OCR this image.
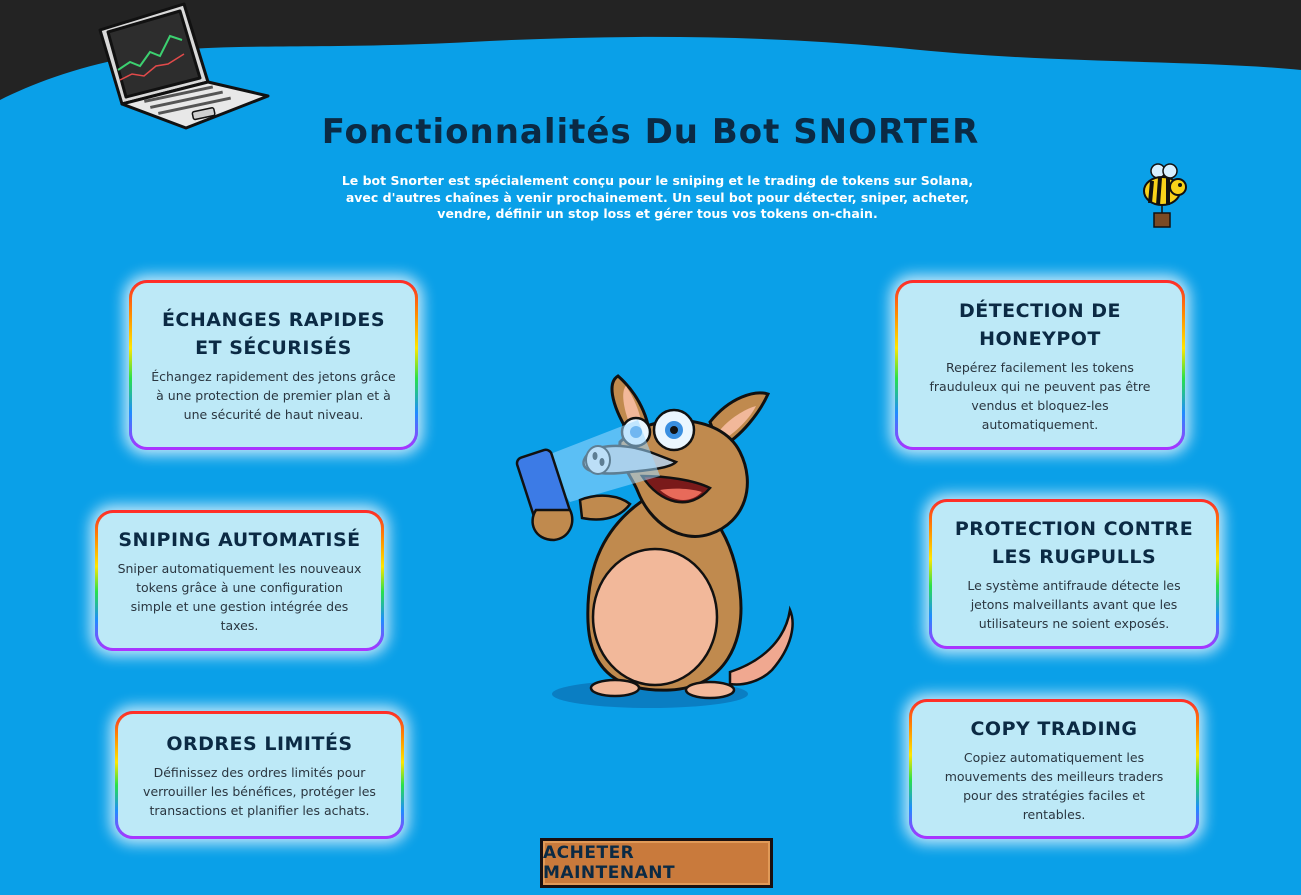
Fonctionnalités Du Bot SNORTER
Le bot Snorter est spécialement conçu pour le sniping et le trading de tokens sur Solana, avec d'autres chaînes à venir prochainement. Un seul bot pour détecter, sniper, acheter, vendre, définir un stop loss et gérer tous vos tokens on-chain.
ÉCHANGES RAPIDES ET SÉCURISÉS
Échangez rapidement des jetons grâce à une protection de premier plan et à une sécurité de haut niveau.
SNIPING AUTOMATISÉ
Sniper automatiquement les nouveaux tokens grâce à une configuration simple et une gestion intégrée des taxes.
ORDRES LIMITÉS
Définissez des ordres limités pour verrouiller les bénéfices, protéger les transactions et planifier les achats.
DÉTECTION DE HONEYPOT
Repérez facilement les tokens frauduleux qui ne peuvent pas être vendus et bloquez-les automatiquement.
PROTECTION CONTRE LES RUGPULLS
Le système antifraude détecte les jetons malveillants avant que les utilisateurs ne soient exposés.
COPY TRADING
Copiez automatiquement les mouvements des meilleurs traders pour des stratégies faciles et rentables.
ACHETER MAINTENANT
